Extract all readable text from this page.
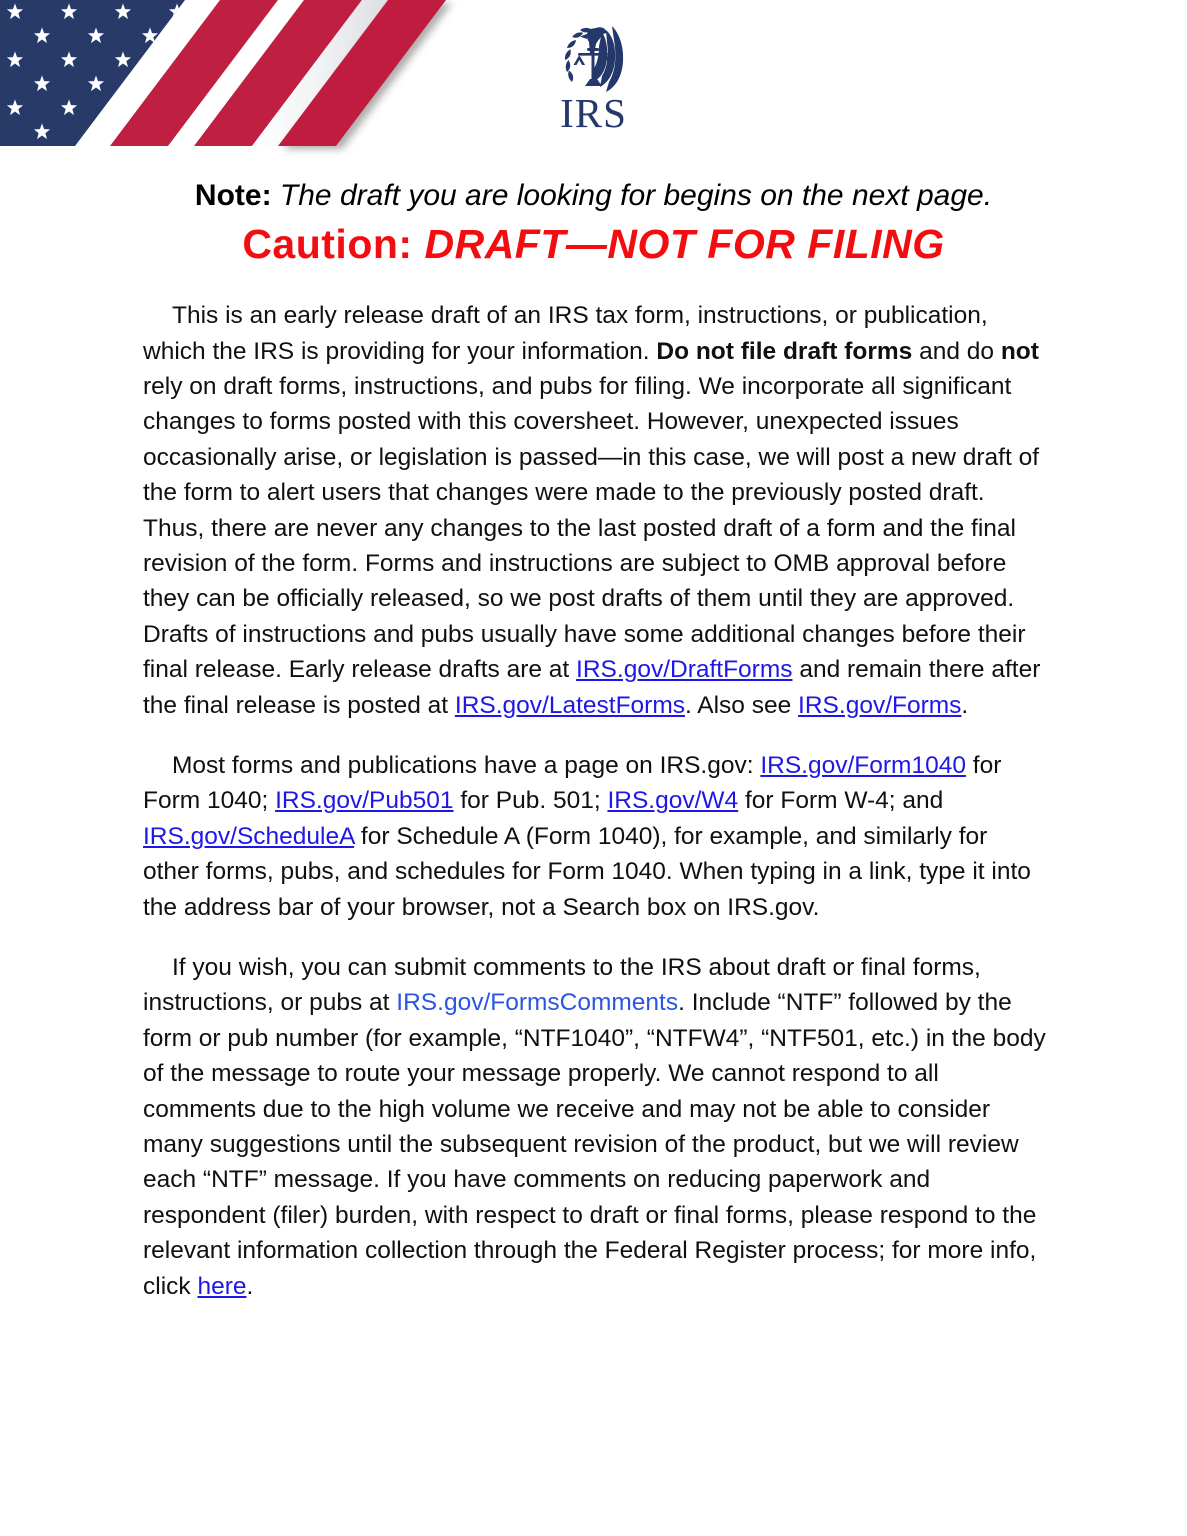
IRS
Note: The draft you are looking for begins on the next page.
Caution: DRAFT—NOT FOR FILING

This is an early release draft of an IRS tax form, instructions, or publication, which the IRS is providing for your information. Do not file draft forms and do not rely on draft forms, instructions, and pubs for filing. We incorporate all significant changes to forms posted with this coversheet. However, unexpected issues occasionally arise, or legislation is passed—in this case, we will post a new draft of the form to alert users that changes were made to the previously posted draft. Thus, there are never any changes to the last posted draft of a form and the final revision of the form. Forms and instructions are subject to OMB approval before they can be officially released, so we post drafts of them until they are approved. Drafts of instructions and pubs usually have some additional changes before their final release. Early release drafts are at IRS.gov/DraftForms and remain there after the final release is posted at IRS.gov/LatestForms. Also see IRS.gov/Forms.

Most forms and publications have a page on IRS.gov: IRS.gov/Form1040 for Form 1040; IRS.gov/Pub501 for Pub. 501; IRS.gov/W4 for Form W-4; and IRS.gov/ScheduleA for Schedule A (Form 1040), for example, and similarly for other forms, pubs, and schedules for Form 1040. When typing in a link, type it into the address bar of your browser, not a Search box on IRS.gov.

If you wish, you can submit comments to the IRS about draft or final forms, instructions, or pubs at IRS.gov/FormsComments. Include “NTF” followed by the form or pub number (for example, “NTF1040”, “NTFW4”, “NTF501, etc.) in the body of the message to route your message properly. We cannot respond to all comments due to the high volume we receive and may not be able to consider many suggestions until the subsequent revision of the product, but we will review each “NTF” message. If you have comments on reducing paperwork and respondent (filer) burden, with respect to draft or final forms, please respond to the relevant information collection through the Federal Register process; for more info, click here.
